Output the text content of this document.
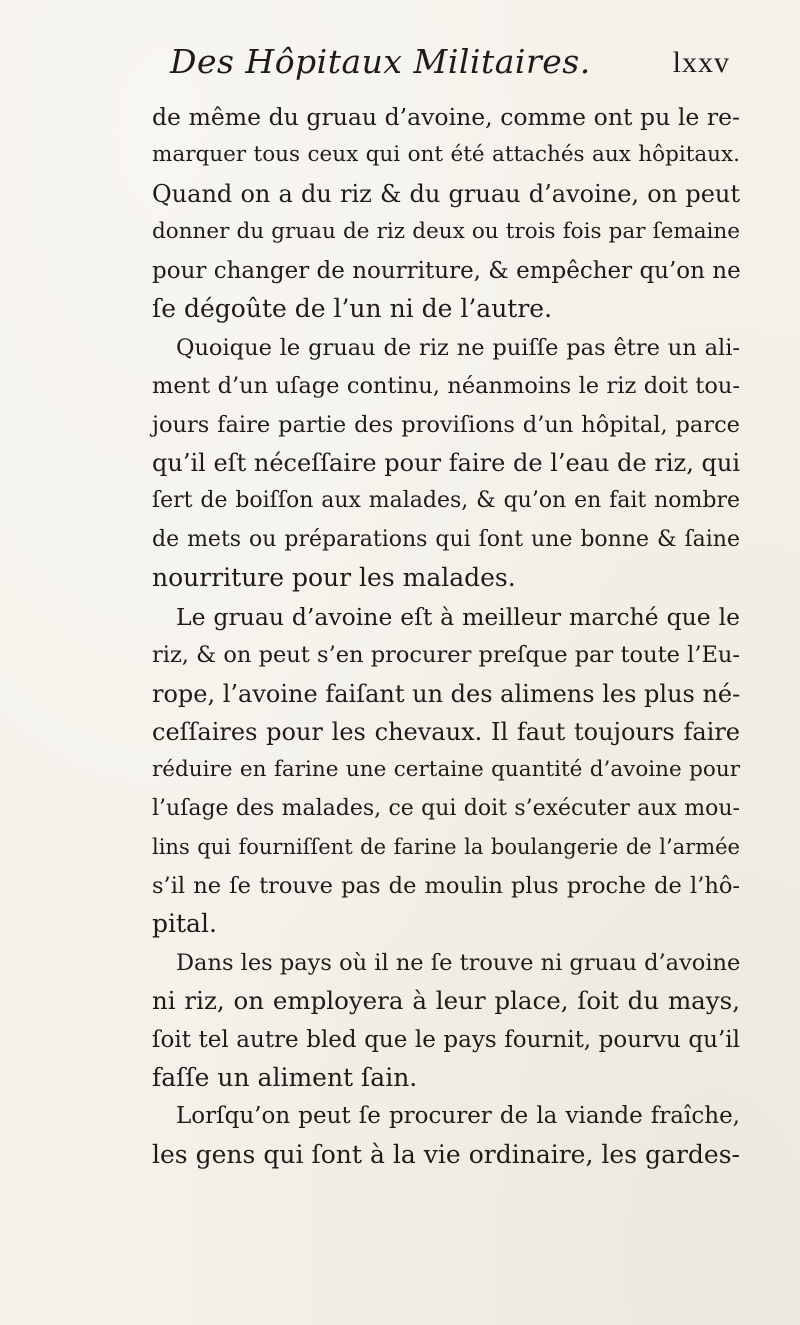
Des Hôpitaux Militaires.	lxxv
de même du gruau d’avoine, comme ont pu le re-
marquer tous ceux qui ont été attachés aux hôpitaux.
Quand on a du riz & du gruau d’avoine, on peut
donner du gruau de riz deux ou trois fois par ſemaine
pour changer de nourriture, & empêcher qu’on ne
ſe dégoûte de l’un ni de l’autre.
Quoique le gruau de riz ne puiſſe pas être un ali-
ment d’un uſage continu, néanmoins le riz doit tou-
jours faire partie des proviſions d’un hôpital, parce
qu’il eſt néceſſaire pour faire de l’eau de riz, qui
ſert de boiſſon aux malades, & qu’on en fait nombre
de mets ou préparations qui ſont une bonne & ſaine
nourriture pour les malades.
Le gruau d’avoine eſt à meilleur marché que le
riz, & on peut s’en procurer preſque par toute l’Eu-
rope, l’avoine faiſant un des alimens les plus né-
ceſſaires pour les chevaux. Il faut toujours faire
réduire en farine une certaine quantité d’avoine pour
l’uſage des malades, ce qui doit s’exécuter aux mou-
lins qui fourniſſent de farine la boulangerie de l’armée
s’il ne ſe trouve pas de moulin plus proche de l’hô-
pital.
Dans les pays où il ne ſe trouve ni gruau d’avoine
ni riz, on employera à leur place, ſoit du mays,
ſoit tel autre bled que le pays fournit, pourvu qu’il
faſſe un aliment ſain.
Lorſqu’on peut ſe procurer de la viande fraîche,
les gens qui ſont à la vie ordinaire, les gardes-
